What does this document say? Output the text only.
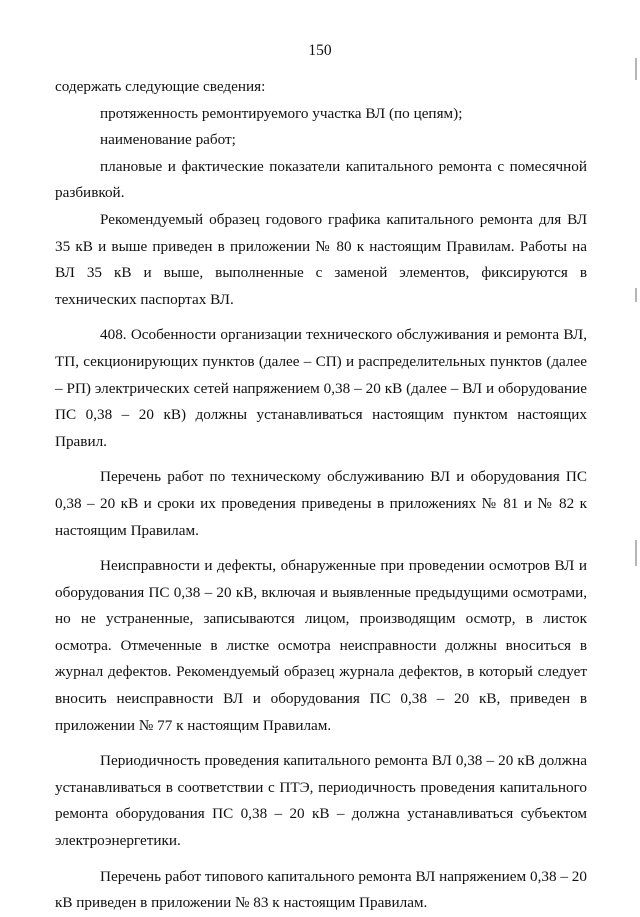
150

содержать следующие сведения:

протяженность ремонтируемого участка ВЛ (по цепям);

наименование работ;

плановые и фактические показатели капитального ремонта с помесячной разбивкой.

Рекомендуемый образец годового графика капитального ремонта для ВЛ 35 кВ и выше приведен в приложении № 80 к настоящим Правилам. Работы на ВЛ 35 кВ и выше, выполненные с заменой элементов, фиксируются в технических паспортах ВЛ.

408. Особенности организации технического обслуживания и ремонта ВЛ, ТП, секционирующих пунктов (далее – СП) и распределительных пунктов (далее – РП) электрических сетей напряжением 0,38 – 20 кВ (далее – ВЛ и оборудование ПС 0,38 – 20 кВ) должны устанавливаться настоящим пунктом настоящих Правил.

Перечень работ по техническому обслуживанию ВЛ и оборудования ПС 0,38 – 20 кВ и сроки их проведения приведены в приложениях № 81 и № 82 к настоящим Правилам.

Неисправности и дефекты, обнаруженные при проведении осмотров ВЛ и оборудования ПС 0,38 – 20 кВ, включая и выявленные предыдущими осмотрами, но не устраненные, записываются лицом, производящим осмотр, в листок осмотра. Отмеченные в листке осмотра неисправности должны вноситься в журнал дефектов. Рекомендуемый образец журнала дефектов, в который следует вносить неисправности ВЛ и оборудования ПС 0,38 – 20 кВ, приведен в приложении № 77 к настоящим Правилам.

Периодичность проведения капитального ремонта ВЛ 0,38 – 20 кВ должна устанавливаться в соответствии с ПТЭ, периодичность проведения капитального ремонта оборудования ПС 0,38 – 20 кВ – должна устанавливаться субъектом электроэнергетики.

Перечень работ типового капитального ремонта ВЛ напряжением 0,38 – 20 кВ приведен в приложении № 83 к настоящим Правилам.
